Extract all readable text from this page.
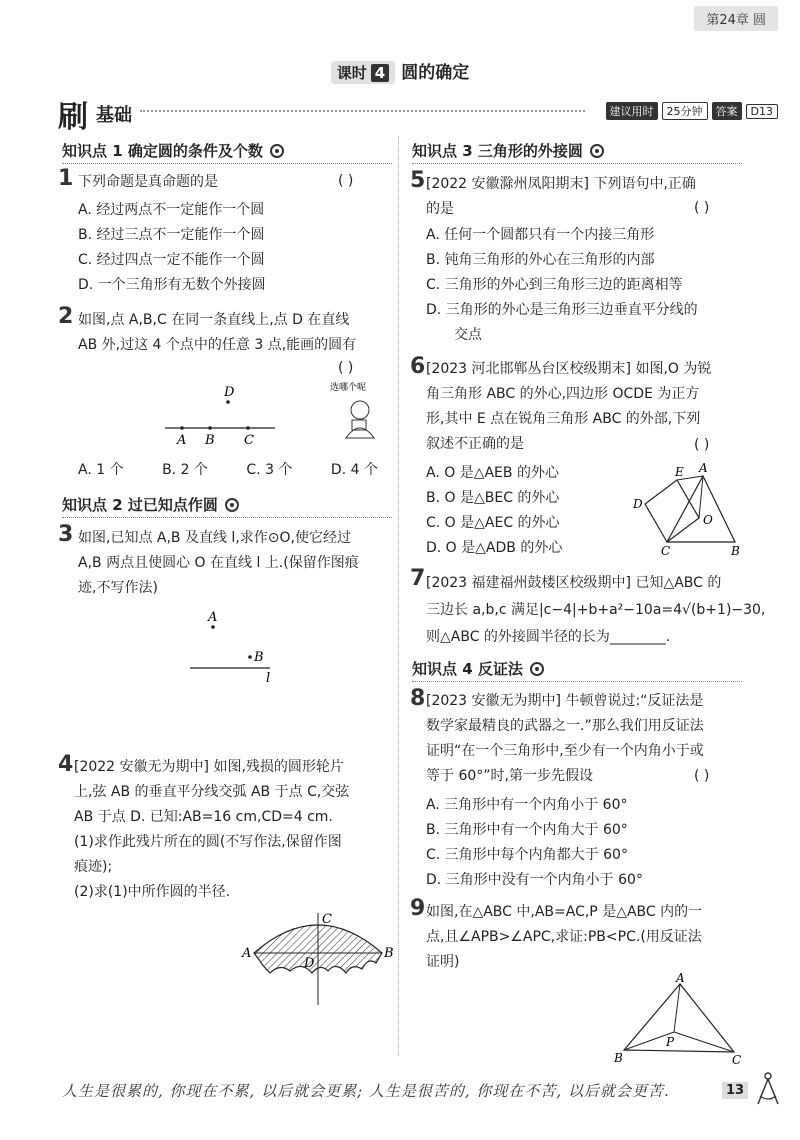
第24章 圆
课时 4 圆的确定
刷 基础	建议用时	25分钟	答案	D13
知识点 1 确定圆的条件及个数
1 下列命题是真命题的是	( )
A. 经过两点不一定能作一个圆
B. 经过三点不一定能作一个圆
C. 经过四点一定不能作一个圆
D. 一个三角形有无数个外接圆
2 如图,点 A,B,C 在同一条直线上,点 D 在直线
AB 外,过这 4 个点中的任意 3 点,能画的圆有
( )
D
A B C
选哪个呢
A. 1 个	B. 2 个	C. 3 个	D. 4 个
知识点 2 过已知点作圆
3 如图,已知点 A,B 及直线 l,求作⊙O,使它经过
A,B 两点且使圆心 O 在直线 l 上.(保留作图痕
迹,不写作法)
A
B
l
4 [2022 安徽无为期中] 如图,残损的圆形轮片
上,弦 AB 的垂直平分线交弧 AB 于点 C,交弦
AB 于点 D. 已知:AB=16 cm,CD=4 cm.
(1)求作此残片所在的圆(不写作法,保留作图
痕迹);
(2)求(1)中所作圆的半径.
C
A	B
D
知识点 3 三角形的外接圆
5 [2022 安徽滁州凤阳期末] 下列语句中,正确
的是	( )
A. 任何一个圆都只有一个内接三角形
B. 钝角三角形的外心在三角形的内部
C. 三角形的外心到三角形三边的距离相等
D. 三角形的外心是三角形三边垂直平分线的
交点
6 [2023 河北邯郸丛台区校级期末] 如图,O 为锐
角三角形 ABC 的外心,四边形 OCDE 为正方
形,其中 E 点在锐角三角形 ABC 的外部,下列
叙述不正确的是	( )
A. O 是△AEB 的外心
B. O 是△BEC 的外心
C. O 是△AEC 的外心
D. O 是△ADB 的外心
A
E
D
O
C	B
7 [2023 福建福州鼓楼区校级期中] 已知△ABC 的
三边长 a,b,c 满足|c−4|+b+a²−10a=4√(b+1)−30,
则△ABC 的外接圆半径的长为________.
知识点 4 反证法
8 [2023 安徽无为期中] 牛顿曾说过:“反证法是
数学家最精良的武器之一.”那么我们用反证法
证明“在一个三角形中,至少有一个内角小于或
等于 60°”时,第一步先假设	( )
A. 三角形中有一个内角小于 60°
B. 三角形中有一个内角大于 60°
C. 三角形中每个内角都大于 60°
D. 三角形中没有一个内角小于 60°
9 如图,在△ABC 中,AB=AC,P 是△ABC 内的一
点,且∠APB>∠APC,求证:PB<PC.(用反证法
证明)
A
P
B	C
人生是很累的, 你现在不累, 以后就会更累; 人生是很苦的, 你现在不苦, 以后就会更苦.	13
